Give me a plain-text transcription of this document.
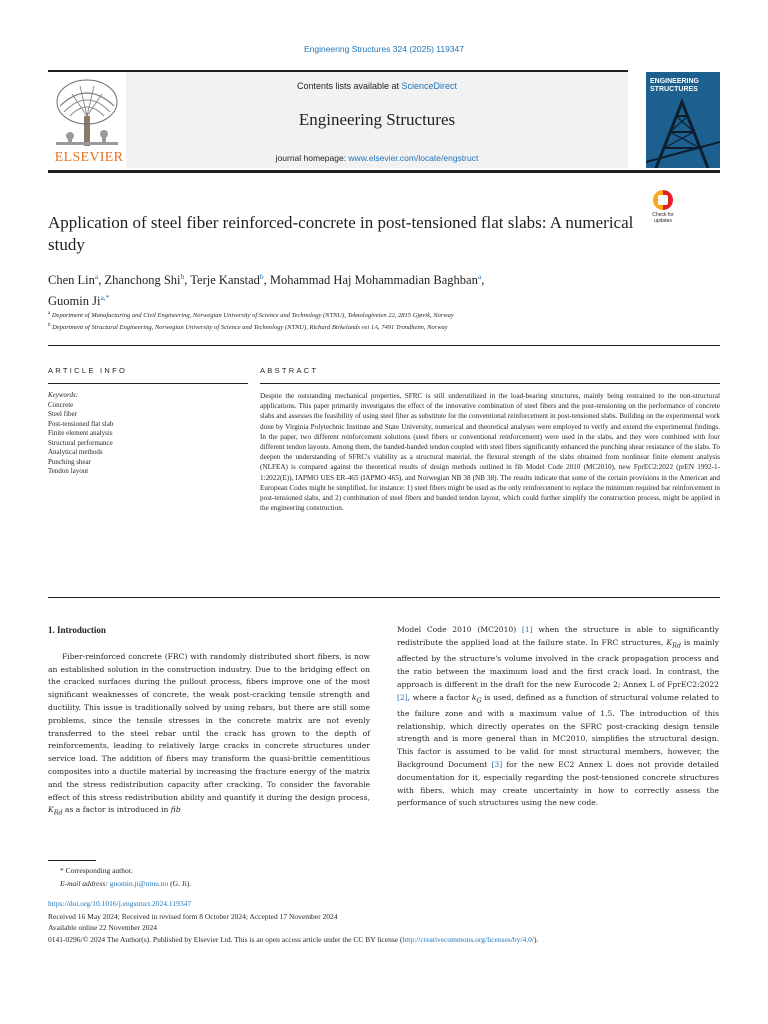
Engineering Structures 324 (2025) 119347
ELSEVIER
Contents lists available at ScienceDirect
Engineering Structures
journal homepage: www.elsevier.com/locate/engstruct
ENGINEERING STRUCTURES
Check for updates
Application of steel fiber reinforced-concrete in post-tensioned flat slabs: A numerical study
Chen Lin$^a$, Zhanchong Shi$^b$, Terje Kanstad$^b$, Mohammad Haj Mohammadian Baghban$^a$,
Guomin $Ji^{a,*}$
$^a$ Department of Manufacturing and Civil Engineering, Norwegian University of Science and Technology (NTNU), Teknologiveien 22, 2815 Gjøvik, Norway
$^b$ Department of Structural Engineering, Norwegian University of Science and Technology (NTNU), Richard Birkelands vei 1A, 7491 Trondheim, Norway
ARTICLE INFO	ABSTRACT
Keywords:
Concrete
Steel fiber
Post-tensioned flat slab
Finite element analysis
Structural performance
Analytical methods
Punching shear
Tendon layout
Despite the outstanding mechanical properties, SFRC is still underutilized in the load-bearing structures, mainly being restrained to the non-structural applications. This paper primarily investigates the effect of the innovative combination of steel fibers and the post-tensioning on the performance of concrete slabs and assesses the feasibility of using steel fiber as substitute for the conventional reinforcement in post-tensioned slabs. Building on the experimental work done by Virginia Polytechnic Institute and State University, numerical and theoretical analyses were employed to verify and extend the experimental findings. In the paper, two different reinforcement solutions (steel fibers or conventional reinforcement) were used in the slabs, and they were combined with four different tendon layouts. Among them, the banded-banded tendon coupled with steel fibers significantly enhanced the punching shear resistance of the slabs. To deepen the understanding of SFRC's viability as a structural material, the flexural strength of the slabs obtained from nonlinear finite element analysis (NLFEA) is compared against the theoretical results of design methods outlined in fib Model Code 2010 (MC2010), new FprEC2:2022 (prEN 1992-1-1:2022(E)), IAPMO UES ER-465 (IAPMO 465), and Norwegian NB 38 (NB 38). The results indicate that some of the certain provisions in the American and European Codes might be simplified, for instance: 1) steel fibers might be used as the only reinforcement to replace the minimum required bar reinforcement in post-tensioned slabs, and 2) combination of steel fibers and banded tendon layout, which could further simplify the construction process, might be applied in the engineering construction.
1. Introduction

Fiber-reinforced concrete (FRC) with randomly distributed short fibers, is now an established solution in the construction industry. Due to the bridging effect on the cracked surfaces during the pullout process, fibers improve one of the most significant weaknesses of concrete, the weak post-cracking tensile strength and ductility. This issue is traditionally solved by using rebars, but there are still some problems, since the tensile stresses in the concrete matrix are not evenly transferred to the steel rebar until the crack has grown to the depth of reinforcements, leading to relatively large cracks in concrete structures under service load. The addition of fibers may transform the quasi-brittle cementitious composites into a ductile material by increasing the fracture energy of the matrix and the stress redistribution capacity after cracking. To consider the favorable effect of this stress redistribution ability and quantify it during the design process, $K_{Rd}$ as a factor is introduced in fib

Model Code 2010 (MC2010) [1] when the structure is able to significantly redistribute the applied load at the failure state. In FRC structures, $K_{Rd}$ is mainly affected by the structure's volume involved in the crack propagation process and the ratio between the maximum load and the first crack load. In contrast, the approach is different in the draft for the new Eurocode 2; Annex L of FprEC2:2022 [2], where a factor $k_G$ is used, defined as a function of structural volume related to the failure zone and with a maximum value of 1.5. The introduction of this relationship, which directly operates on the SFRC post-cracking design tensile strength and is more general than in MC2010, simplifies the structural design. This factor is assumed to be valid for most structural members, however, the Background Document [3] for the new EC2 Annex L does not provide detailed documentation for it, especially regarding the post-tensioned concrete structures with fibers, which may create uncertainty in how to correctly assess the performance of such structures using the new code.

* Corresponding author.
E-mail address: guomin.ji@ntnu.no (G. Ji).
https://doi.org/10.1016/j.engstruct.2024.119347
Received 16 May 2024; Received in revised form 8 October 2024; Accepted 17 November 2024
Available online 22 November 2024
0141-0296/© 2024 The Author(s). Published by Elsevier Ltd. This is an open access article under the CC BY license (http://creativecommons.org/licenses/by/4.0/).
